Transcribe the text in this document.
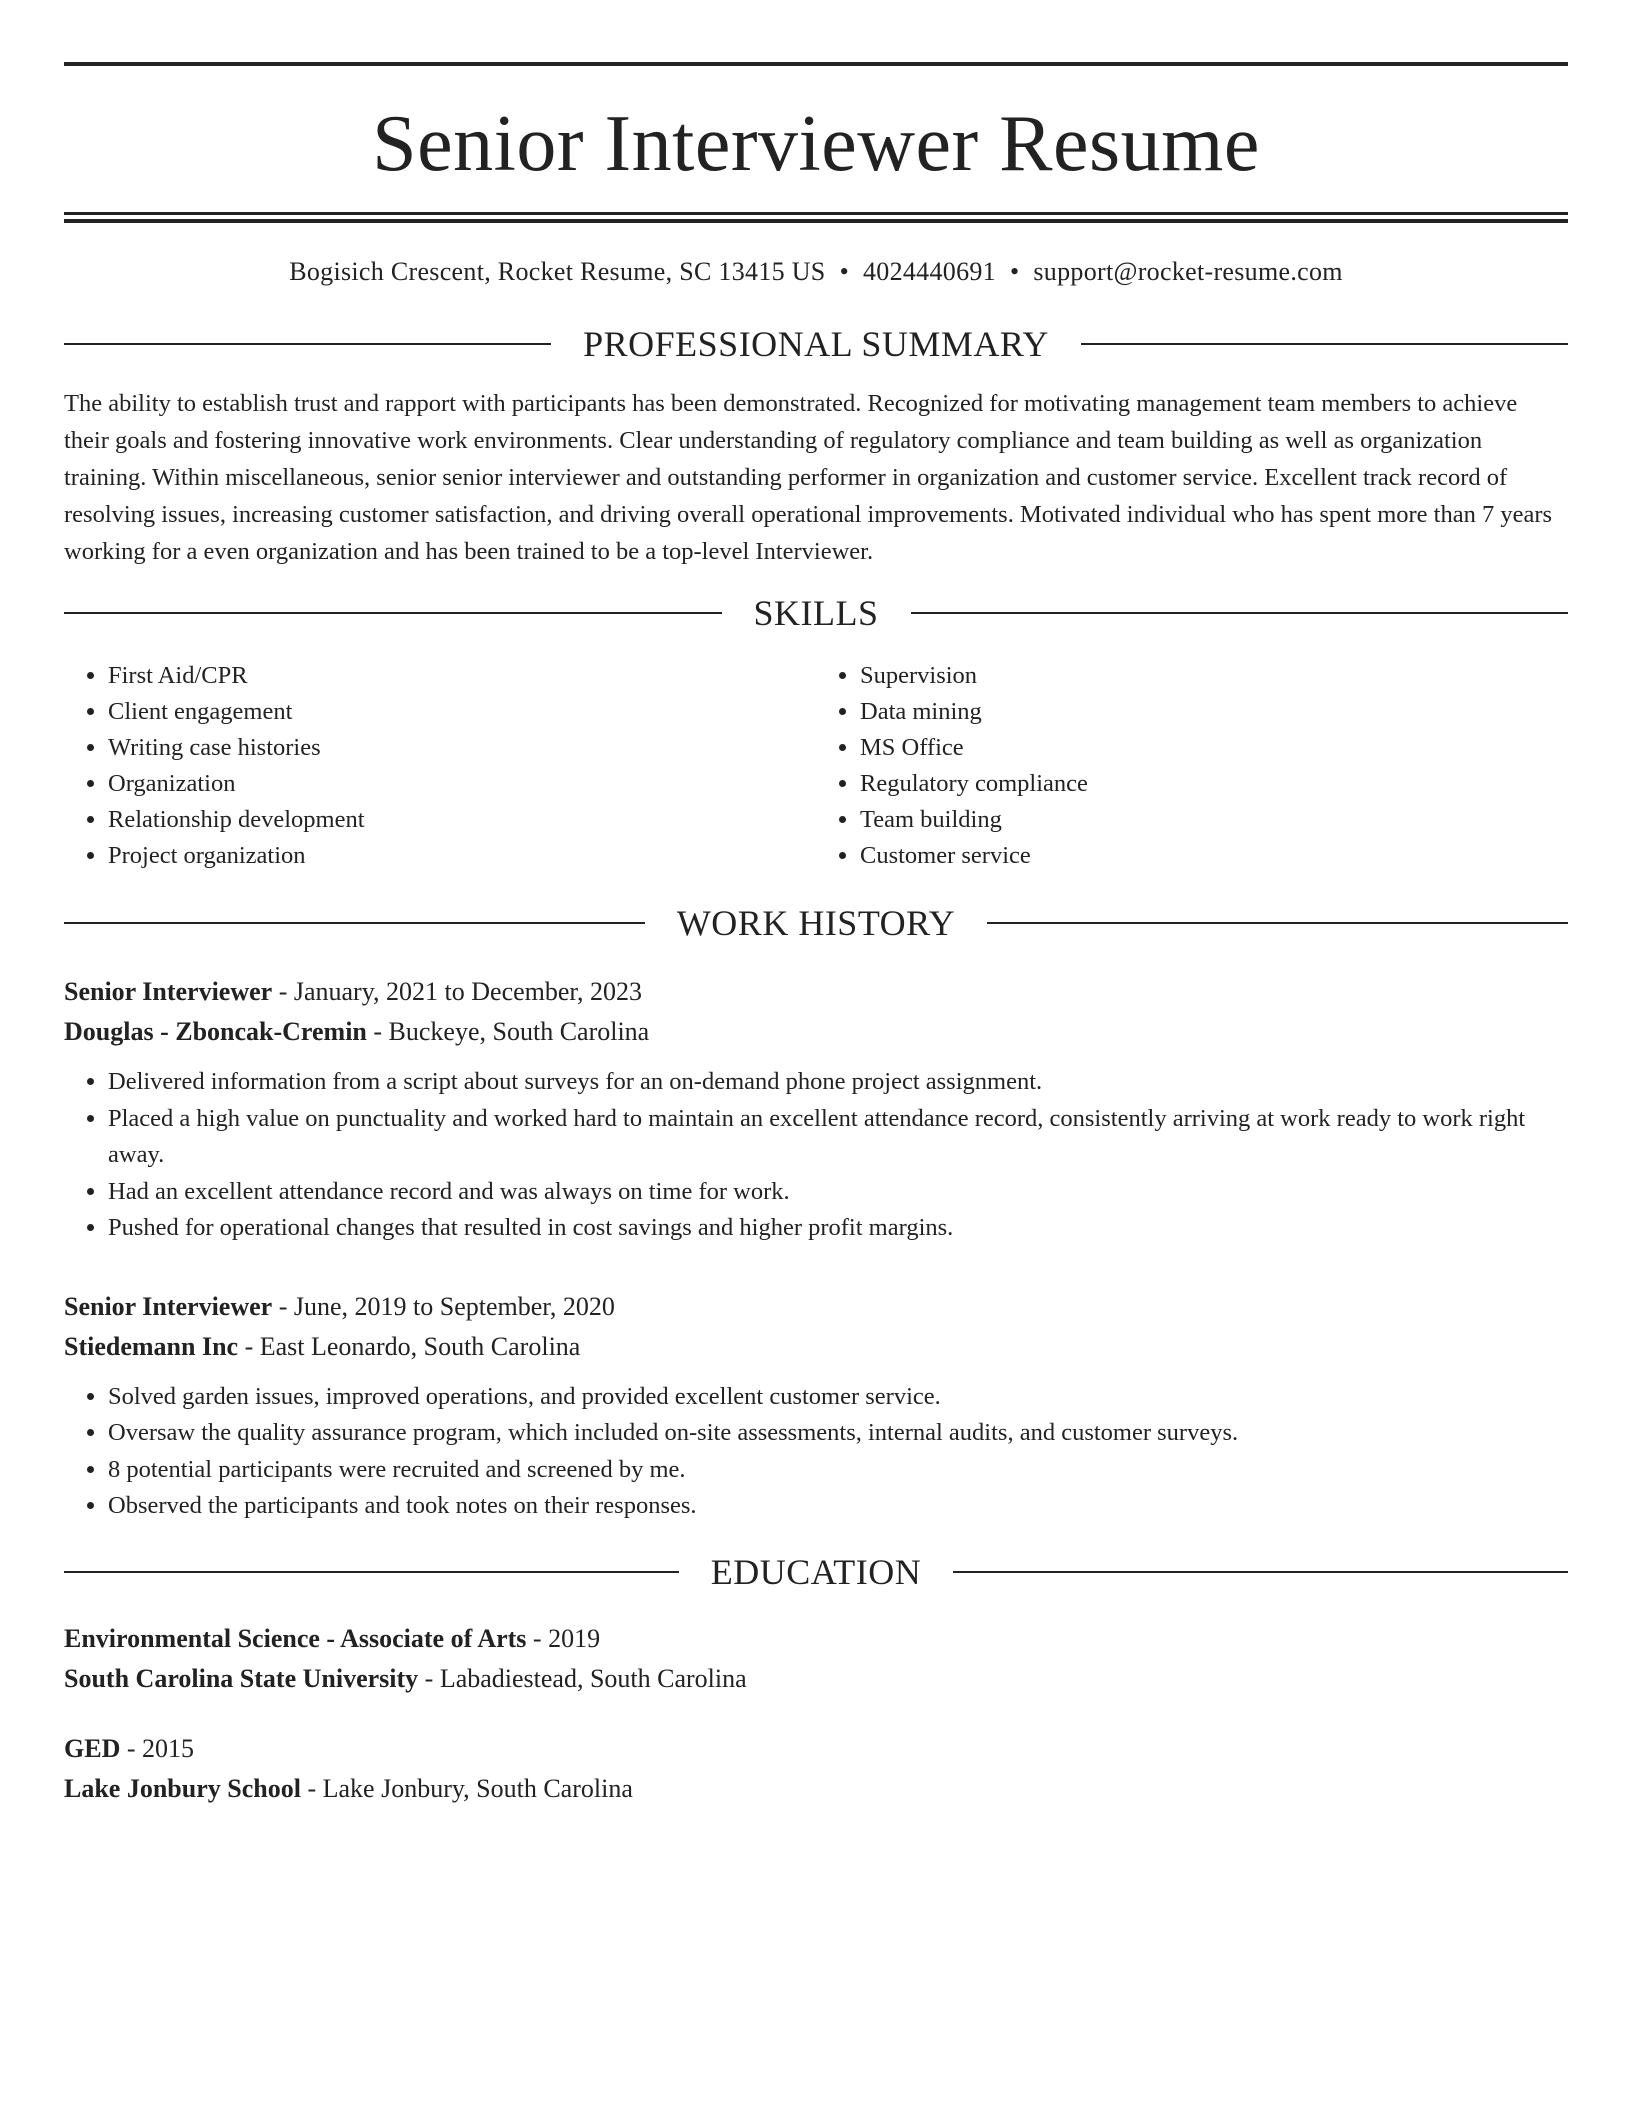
Senior Interviewer Resume
Bogisich Crescent, Rocket Resume, SC 13415 US • 4024440691 • support@rocket-resume.com
PROFESSIONAL SUMMARY

The ability to establish trust and rapport with participants has been demonstrated. Recognized for motivating management team members to achieve their goals and fostering innovative work environments. Clear understanding of regulatory compliance and team building as well as organization training. Within miscellaneous, senior senior interviewer and outstanding performer in organization and customer service. Excellent track record of resolving issues, increasing customer satisfaction, and driving overall operational improvements. Motivated individual who has spent more than 7 years working for a even organization and has been trained to be a top-level Interviewer.

SKILLS
• First Aid/CPR
• Client engagement
• Writing case histories
• Organization
• Relationship development
• Project organization
• Supervision
• Data mining
• MS Office
• Regulatory compliance
• Team building
• Customer service
WORK HISTORY
Senior Interviewer - January, 2021 to December, 2023
Douglas - Zboncak-Cremin - Buckeye, South Carolina
• Delivered information from a script about surveys for an on-demand phone project assignment.
• Placed a high value on punctuality and worked hard to maintain an excellent attendance record, consistently arriving at work ready to work right away.
• Had an excellent attendance record and was always on time for work.
• Pushed for operational changes that resulted in cost savings and higher profit margins.
Senior Interviewer - June, 2019 to September, 2020
Stiedemann Inc - East Leonardo, South Carolina
• Solved garden issues, improved operations, and provided excellent customer service.
• Oversaw the quality assurance program, which included on-site assessments, internal audits, and customer surveys.
• 8 potential participants were recruited and screened by me.
• Observed the participants and took notes on their responses.
EDUCATION
Environmental Science - Associate of Arts - 2019
South Carolina State University - Labadiestead, South Carolina
GED - 2015
Lake Jonbury School - Lake Jonbury, South Carolina
